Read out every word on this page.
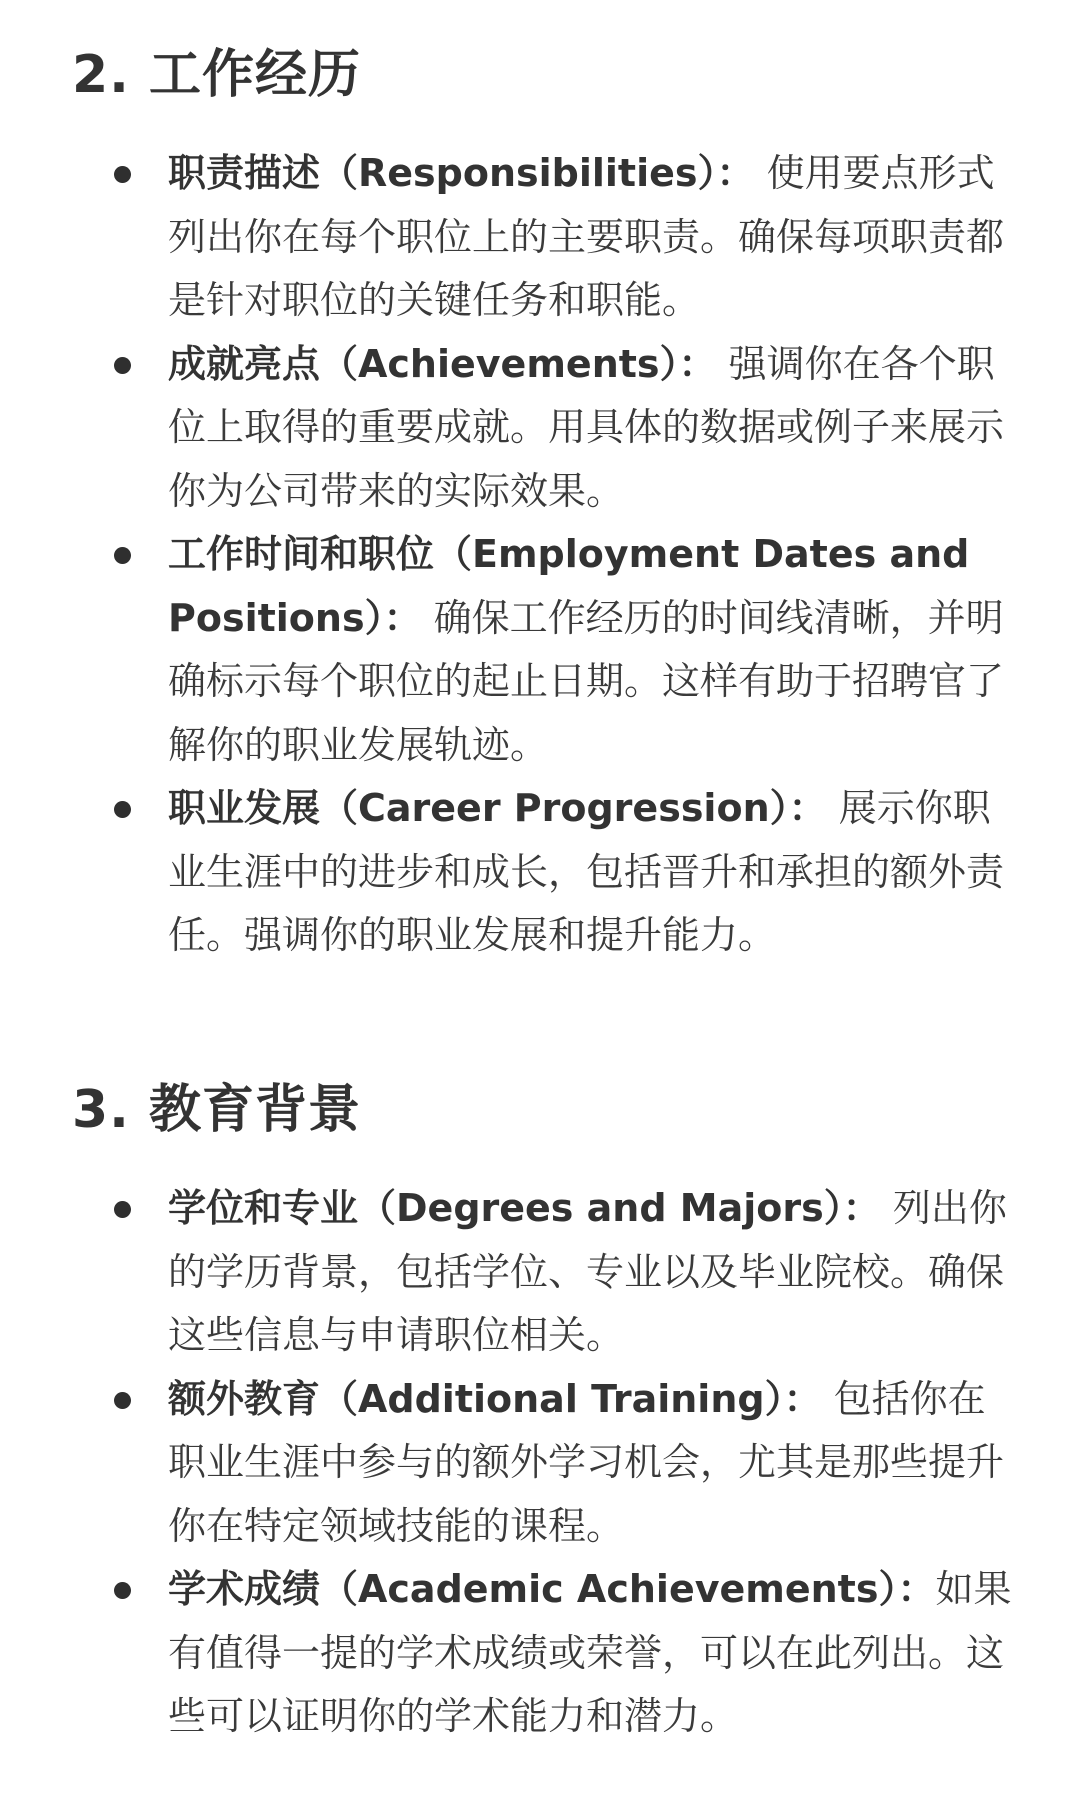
2. 工作经历
职责描述（Responsibilities）： 使用要点形式列出你在每个职位上的主要职责。确保每项职责都是针对职位的关键任务和职能。
成就亮点（Achievements）： 强调你在各个职位上取得的重要成就。用具体的数据或例子来展示你为公司带来的实际效果。
工作时间和职位（Employment Dates and Positions）： 确保工作经历的时间线清晰，并明确标示每个职位的起止日期。这样有助于招聘官了解你的职业发展轨迹。
职业发展（Career Progression）： 展示你职业生涯中的进步和成长，包括晋升和承担的额外责任。强调你的职业发展和提升能力。
3. 教育背景
学位和专业（Degrees and Majors）： 列出你的学历背景，包括学位、专业以及毕业院校。确保这些信息与申请职位相关。
额外教育（Additional Training）： 包括你在职业生涯中参与的额外学习机会，尤其是那些提升你在特定领域技能的课程。
学术成绩（Academic Achievements）：如果有值得一提的学术成绩或荣誉，可以在此列出。这些可以证明你的学术能力和潜力。
